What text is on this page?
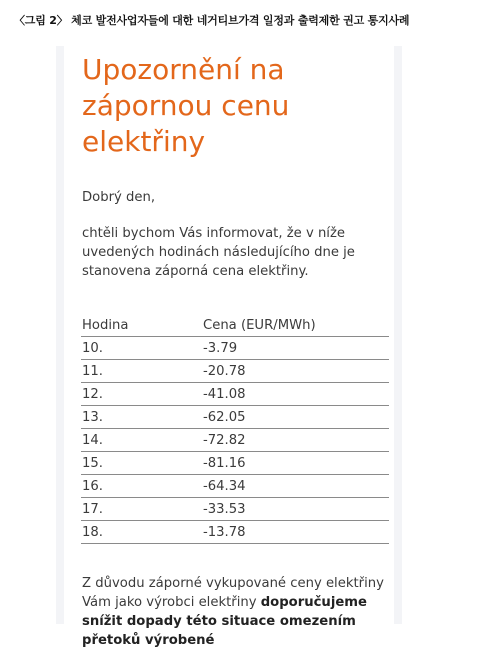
〈그림 2〉 체코 발전사업자들에 대한 네거티브가격 일정과 출력제한 권고 통지사례
Upozornění na
zápornou cenu
elektřiny

Dobrý den,

chtěli bychom Vás informovat, že v níže uvedených hodinách následujícího dne je stanovena záporná cena elektřiny.

Hodina	Cena (EUR/MWh)
10.	-3.79
11.	-20.78
12.	-41.08
13.	-62.05
14.	-72.82
15.	-81.16
16.	-64.34
17.	-33.53
18.	-13.78

Z důvodu záporné vykupované ceny elektřiny Vám jako výrobci elektřiny doporučujeme snížit dopady této situace omezením přetoků výrobené
